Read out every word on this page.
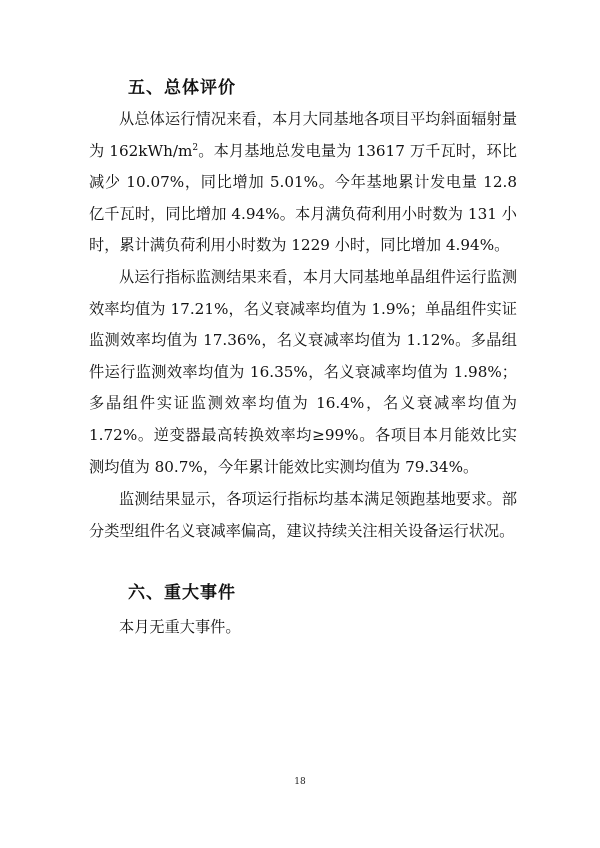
五、总体评价

从总体运行情况来看，本月大同基地各项目平均斜面辐射量为 $162kWh/m^2$。本月基地总发电量为 13617 万千瓦时，环比减少 10.07%，同比增加 5.01%。今年基地累计发电量 12.8 亿千瓦时，同比增加 4.94%。本月满负荷利用小时数为 131 小时，累计满负荷利用小时数为 1229 小时，同比增加 4.94%。

从运行指标监测结果来看，本月大同基地单晶组件运行监测效率均值为 17.21%，名义衰减率均值为 1.9%；单晶组件实证监测效率均值为 17.36%，名义衰减率均值为 1.12%。多晶组件运行监测效率均值为 16.35%，名义衰减率均值为 1.98%；多晶组件实证监测效率均值为 16.4%，名义衰减率均值为 1.72%。逆变器最高转换效率均≥99%。各项目本月能效比实测均值为 80.7%，今年累计能效比实测均值为 79.34%。

监测结果显示，各项运行指标均基本满足领跑基地要求。部分类型组件名义衰减率偏高，建议持续关注相关设备运行状况。

六、重大事件

本月无重大事件。

18
